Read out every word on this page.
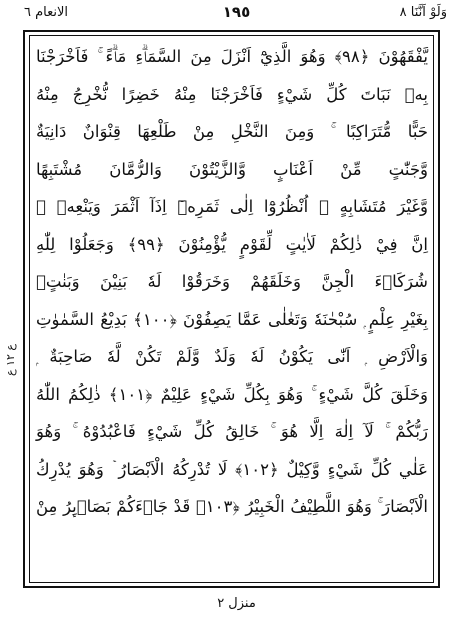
وَلَوْ اَنَّنَا ٨
١٩٥
الانعام ٦
يَّفْقَهُوْنَ ﴿٩٨﴾ وَهُوَ الَّذِيْٓ اَنْزَلَ مِنَ السَّمَاۗءِ مَاۗءً ۚ فَاَخْرَجْنَا
بِهٖ نَبَاتَ كُلِّ شَيْءٍ فَاَخْرَجْنَا مِنْهُ خَضِرًا نُّخْرِجُ مِنْهُ
حَبًّا مُّتَرَاكِبًا ۚ وَمِنَ النَّخْلِ مِنْ طَلْعِهَا قِنْوَانٌ دَانِيَةٌ
وَّجَنّٰتٍ مِّنْ اَعْنَابٍ وَّالزَّيْتُوْنَ وَالرُّمَّانَ مُشْتَبِهًا
وَّغَيْرَ مُتَشَابِهٍ ۭ اُنْظُرُوْٓا اِلٰى ثَمَرِهٖٓ اِذَآ اَثْمَرَ وَيَنْعِهٖ ۭ
اِنَّ فِيْ ذٰلِكُمْ لَاٰيٰتٍ لِّقَوْمٍ يُّؤْمِنُوْنَ ﴿٩٩﴾ وَجَعَلُوْا لِلّٰهِ
شُرَكَاۗءَ الْجِنَّ وَخَلَقَهُمْ وَخَرَقُوْا لَهٗ بَنِيْنَ وَبَنٰتٍۢ
بِغَيْرِ عِلْمٍ ۭ سُبْحٰنَهٗ وَتَعٰلٰى عَمَّا يَصِفُوْنَ ﴿١٠٠﴾ بَدِيْعُ السَّمٰوٰتِ
وَالْاَرْضِ ۭ اَنّٰى يَكُوْنُ لَهٗ وَلَدٌ وَّلَمْ تَكُنْ لَّهٗ صَاحِبَةٌ ۭ
وَخَلَقَ كُلَّ شَيْءٍ ۚ وَهُوَ بِكُلِّ شَيْءٍ عَلِيْمٌ ﴿١٠١﴾ ذٰلِكُمُ اللّٰهُ
رَبُّكُمْ ۚ لَآ اِلٰهَ اِلَّا هُوَ ۚ خَالِقُ كُلِّ شَيْءٍ فَاعْبُدُوْهُ ۚ وَهُوَ
عَلٰي كُلِّ شَيْءٍ وَّكِيْلٌ ﴿١٠٢﴾ لَا تُدْرِكُهُ الْاَبْصَارُ ۡ وَهُوَ يُدْرِكُ
الْاَبْصَارَ ۚ وَهُوَ اللَّطِيْفُ الْخَبِيْرُ ﴿١٠٣﴾ قَدْ جَاۗءَكُمْ بَصَاۗىِٕرُ مِنْ
ع ١٢ ع
منزل ٢
